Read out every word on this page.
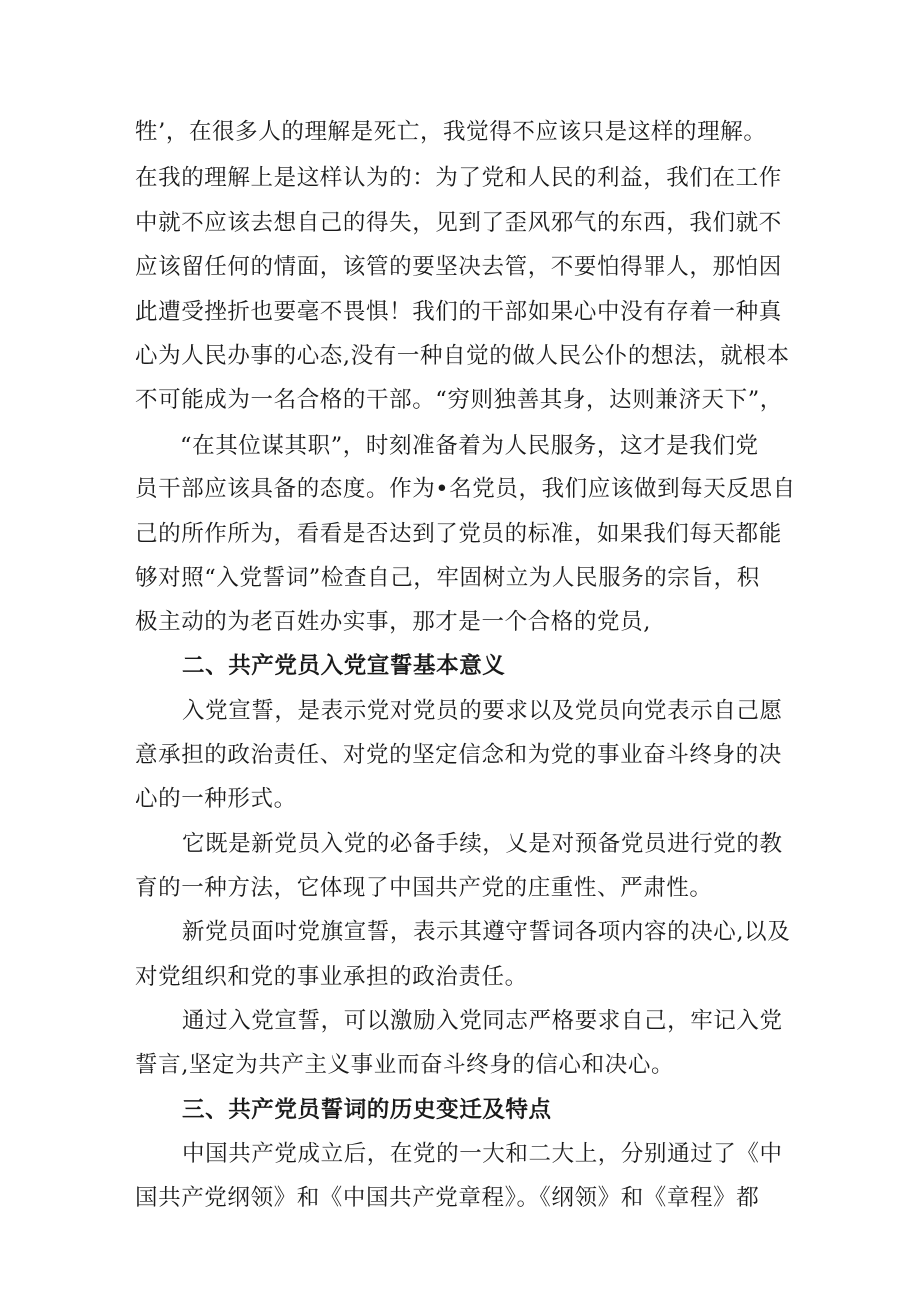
牲’，在很多人的理解是死亡，我觉得不应该只是这样的理解。
在我的理解上是这样认为的：为了党和人民的利益，我们在工作
中就不应该去想自己的得失，见到了歪风邪气的东西，我们就不
应该留任何的情面，该管的要坚决去管，不要怕得罪人，那怕因
此遭受挫折也要毫不畏惧！我们的干部如果心中没有存着一种真
心为人民办事的心态,没有一种自觉的做人民公仆的想法，就根本
不可能成为一名合格的干部。“穷则独善其身，达则兼济天下”，
“在其位谋其职”，时刻准备着为人民服务，这才是我们党
员干部应该具备的态度。作为•名党员，我们应该做到每天反思自
己的所作所为，看看是否达到了党员的标准，如果我们每天都能
够对照“入党誓词”检查自己，牢固树立为人民服务的宗旨，积
极主动的为老百姓办实事，那才是一个合格的党员,
二、共产党员入党宣誓基本意义
入党宣誓，是表示党对党员的要求以及党员向党表示自己愿
意承担的政治责任、对党的坚定信念和为党的事业奋斗终身的决
心的一种形式。
它既是新党员入党的必备手续，乂是对预备党员进行党的教
育的一种方法，它体现了中国共产党的庄重性、严肃性。
新党员面吋党旗宣誓，表示其遵守誓词各项内容的决心,以及
对党组织和党的事业承担的政治责任。
通过入党宣誓，可以激励入党同志严格要求自己，牢记入党
誓言,坚定为共产主义事业而奋斗终身的信心和决心。
三、共产党员誓词的历史变迁及特点
中国共产党成立后，在党的一大和二大上，分别通过了《中
国共产党纲领》和《中国共产党章程》。《纲领》和《章程》都
